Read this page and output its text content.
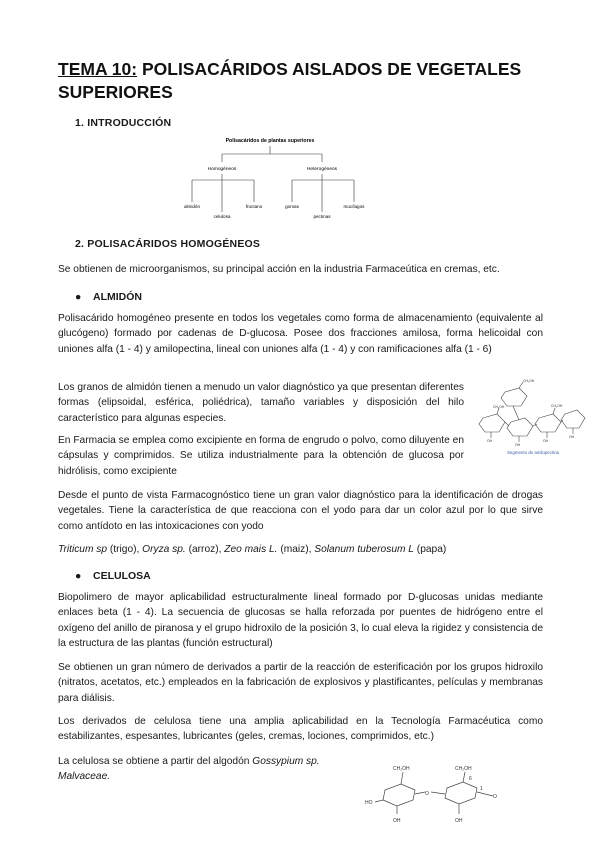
TEMA 10: POLISACÁRIDOS AISLADOS DE VEGETALES SUPERIORES
1. INTRODUCCIÓN
Polisacáridos de plantas superiores
Homogéneos	Heterogéneos
almidón
celulosa
fructano	gomas
pectinas
mucílagos
2. POLISACÁRIDOS HOMOGÉNEOS
Se obtienen de microorganismos, su principal acción en la industria Farmaceútica en cremas, etc.
● ALMIDÓN
Polisacárido homogéneo presente en todos los vegetales como forma de almacenamiento (equivalente al glucógeno) formado por cadenas de D-glucosa. Posee dos fracciones amilosa, forma helicoidal con uniones alfa (1 - 4) y amilopectina, lineal con uniones alfa (1 - 4) y con ramificaciones alfa (1 - 6)
Los granos de almidón tienen a menudo un valor diagnóstico ya que presentan diferentes formas (elipsoidal, esférica, poliédrica), tamaño variables y disposición del hilo característico para algunas especies.
En Farmacia se emplea como excipiente en forma de engrudo o polvo, como diluyente en cápsulas y comprimidos. Se utiliza industrialmente para la obtención de glucosa por hidrólisis, como excipiente
CH₂OH
CH₂OH	CH₂OH
OH
OH
OH
OH
Segmento de amilopectina
Desde el punto de vista Farmacognóstico tiene un gran valor diagnóstico para la identificación de drogas vegetales. Tiene la característica de que reacciona con el yodo para dar un color azul por lo que sirve como antídoto en las intoxicaciones con yodo
Triticum sp (trigo), Oryza sp. (arroz), Zeo mais L. (maiz), Solanum tuberosum L (papa)
● CELULOSA
Biopolimero de mayor aplicabilidad estructuralmente lineal formado por D-glucosas unidas mediante enlaces beta (1 - 4). La secuencia de glucosas se halla reforzada por puentes de hidrógeno entre el oxígeno del anillo de piranosa y el grupo hidroxilo de la posición 3, lo cual eleva la rigidez y consistencia de la estructura de las plantas (función estructural)
Se obtienen un gran número de derivados a partir de la reacción de esterificación por los grupos hidroxilo (nitratos, acetatos, etc.) empleados en la fabricación de explosivos y plastificantes, películas y membranas para diálisis.
Los derivados de celulosa tiene una amplia aplicabilidad en la Tecnología Farmacéutica como estabilizantes, espesantes, lubricantes (geles, cremas, lociones, comprimidos, etc.)
La celulosa se obtiene a partir del algodón Gossypium sp.
Malvaceae.
CH₂OH	CH₂OH
O
HO
O
OH	OH
6
1
